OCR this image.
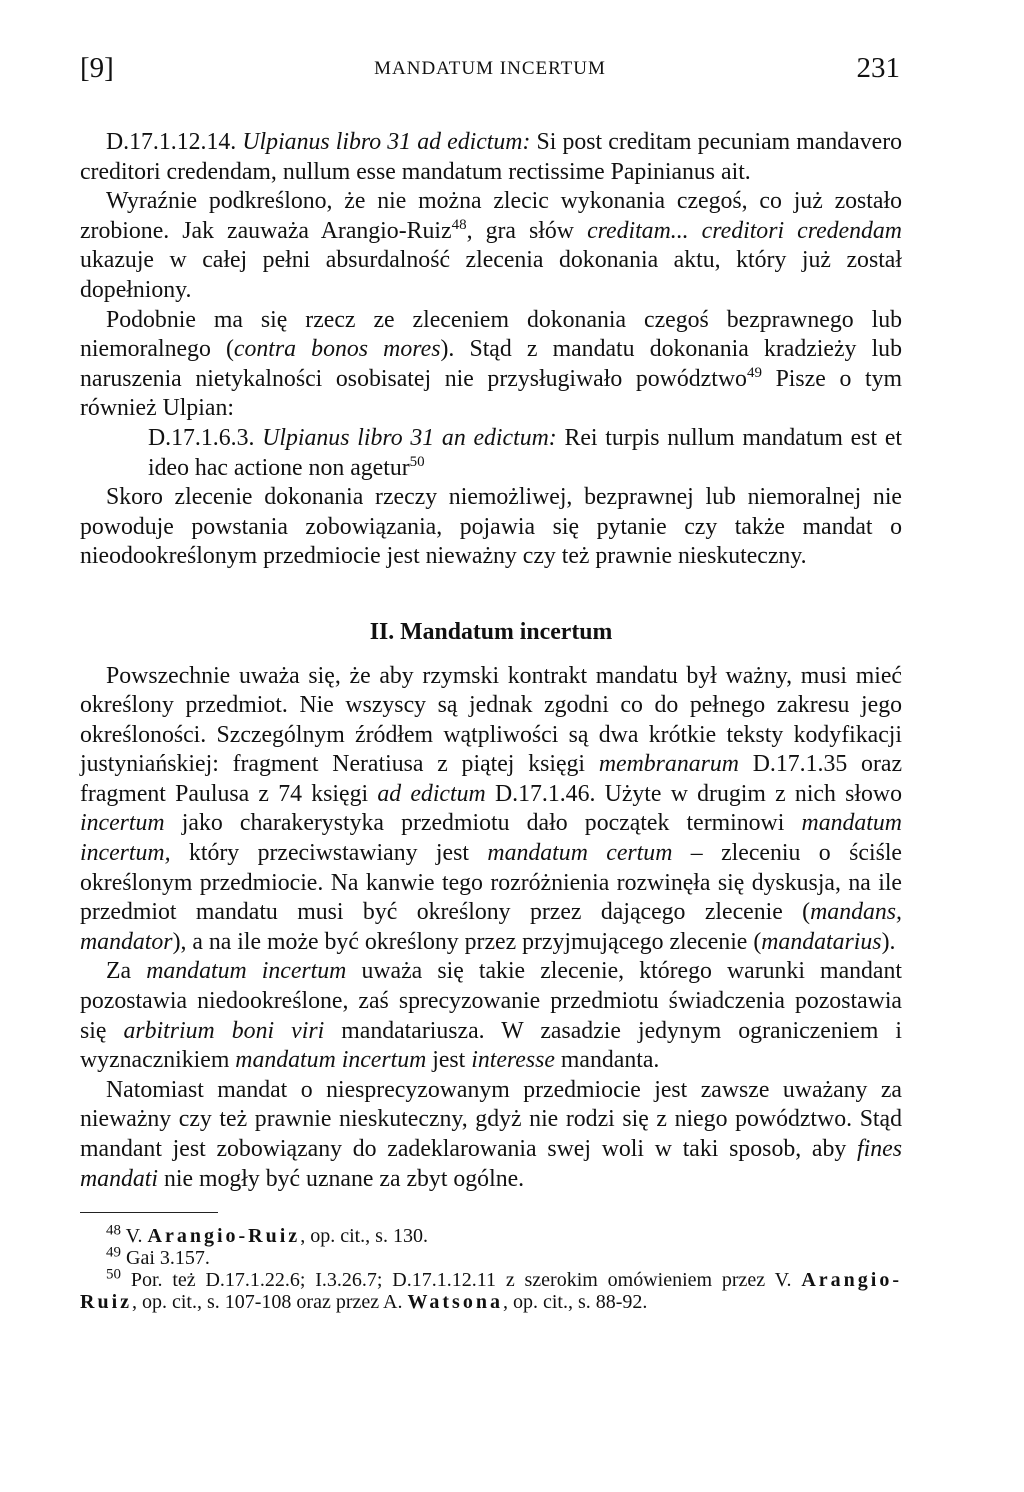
[9]	MANDATUM INCERTUM	231

D.17.1.12.14. Ulpianus libro 31 ad edictum: Si post creditam pecuniam mandavero creditori credendam, nullum esse mandatum rectissime Papinianus ait.

Wyraźnie podkreślono, że nie można zlecic wykonania czegoś, co już zostało zrobione. Jak zauważa Arangio-Ruiz$^{48}$, gra słów creditam... creditori credendam ukazuje w całej pełni absurdalność zlecenia dokonania aktu, który już został dopełniony.

Podobnie ma się rzecz ze zleceniem dokonania czegoś bezprawnego lub niemoralnego (contra bonos mores). Stąd z mandatu dokonania kradzieży lub naruszenia nietykalności osobisatej nie przysługiwało powództwo$^{49}$ Pisze o tym również Ulpian:

D.17.1.6.3. Ulpianus libro 31 an edictum: Rei turpis nullum mandatum est et ideo hac actione non agetur$^{50}$

Skoro zlecenie dokonania rzeczy niemożliwej, bezprawnej lub niemoralnej nie powoduje powstania zobowiązania, pojawia się pytanie czy także mandat o nieodookreślonym przedmiocie jest nieważny czy też prawnie nieskuteczny.

II. Mandatum incertum

Powszechnie uważa się, że aby rzymski kontrakt mandatu był ważny, musi mieć określony przedmiot. Nie wszyscy są jednak zgodni co do pełnego zakresu jego określoności. Szczególnym źródłem wątpliwości są dwa krótkie teksty kodyfikacji justyniańskiej: fragment Neratiusa z piątej księgi membranarum D.17.1.35 oraz fragment Paulusa z 74 księgi ad edictum D.17.1.46. Użyte w drugim z nich słowo incertum jako charakerystyka przedmiotu dało początek terminowi mandatum incertum, który przeciwstawiany jest mandatum certum – zleceniu o ściśle określonym przedmiocie. Na kanwie tego rozróżnienia rozwinęła się dyskusja, na ile przedmiot mandatu musi być określony przez dającego zlecenie (mandans, mandator), a na ile może być określony przez przyjmującego zlecenie (mandatarius).

Za mandatum incertum uważa się takie zlecenie, którego warunki mandant pozostawia niedookreślone, zaś sprecyzowanie przedmiotu świadczenia pozostawia się arbitrium boni viri mandatariusza. W zasadzie jedynym ograniczeniem i wyznacznikiem mandatum incertum jest interesse mandanta.

Natomiast mandat o niesprecyzowanym przedmiocie jest zawsze uważany za nieważny czy też prawnie nieskuteczny, gdyż nie rodzi się z niego powództwo. Stąd mandant jest zobowiązany do zadeklarowania swej woli w taki sposob, aby fines mandati nie mogły być uznane za zbyt ogólne.

$^{48}$ V. Arangio-Ruiz, op. cit., s. 130.

$^{49}$ Gai 3.157.

$^{50}$ Por. też D.17.1.22.6; I.3.26.7; D.17.1.12.11 z szerokim omówieniem przez V. Arangio-Ruiz, op. cit., s. 107-108 oraz przez A. Watsona, op. cit., s. 88-92.
